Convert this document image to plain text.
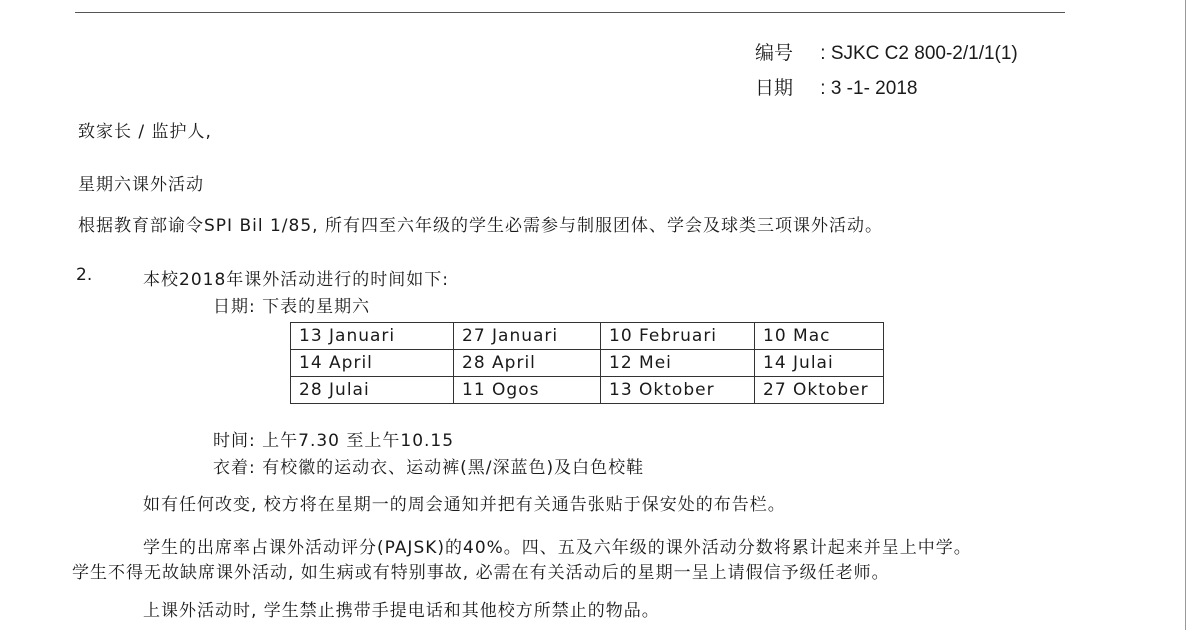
编号 : SJKC C2 800-2/1/1(1)
日期 : 3 -1- 2018
致家长 / 监护人,
星期六课外活动
根据教育部谕令SPI Bil 1/85, 所有四至六年级的学生必需参与制服团体、学会及球类三项课外活动。
2.	本校2018年课外活动进行的时间如下:
日期: 下表的星期六
13 Januari	27 Januari	10 Februari	10 Mac
14 April	28 April	12 Mei	14 Julai
28 Julai	11 Ogos	13 Oktober	27 Oktober
时间: 上午7.30 至上午10.15
衣着: 有校徽的运动衣、运动裤(黑/深蓝色)及白色校鞋
如有任何改变, 校方将在星期一的周会通知并把有关通告张贴于保安处的布告栏。
学生的出席率占课外活动评分(PAJSK)的40%。四、五及六年级的课外活动分数将累计起来并呈上中学。
学生不得无故缺席课外活动, 如生病或有特别事故, 必需在有关活动后的星期一呈上请假信予级任老师。
上课外活动时, 学生禁止携带手提电话和其他校方所禁止的物品。
